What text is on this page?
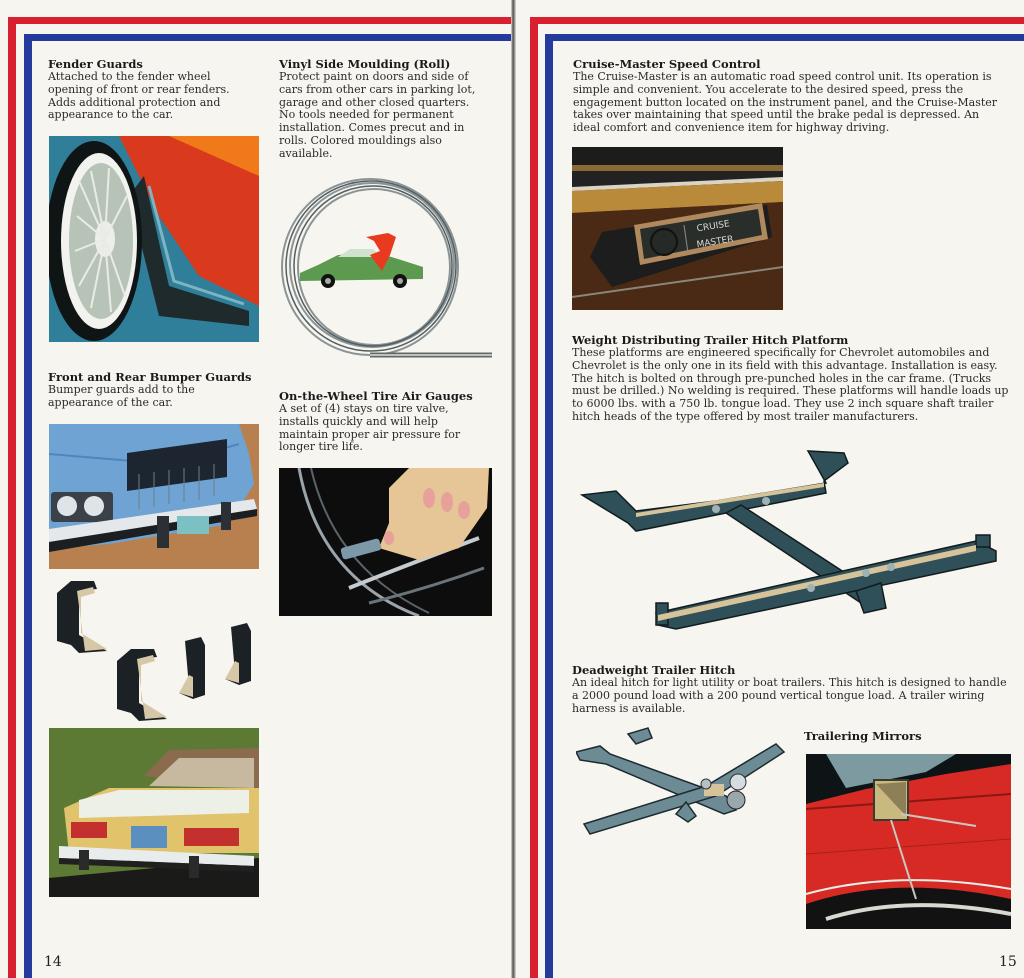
Fender Guards
Attached to the fender wheel opening of front or rear fenders. Adds additional protection and appearance to the car.
Vinyl Side Moulding (Roll)
Protect paint on doors and side of cars from other cars in parking lot, garage and other closed quarters. No tools needed for permanent installation. Comes precut and in rolls. Colored mouldings also available.
Front and Rear Bumper Guards
Bumper guards add to the appearance of the car.	On-the-Wheel Tire Air Gauges
A set of (4) stays on tire valve, installs quickly and will help maintain proper air pressure for longer tire life.
14
Cruise-Master Speed Control
The Cruise-Master is an automatic road speed control unit. Its operation is simple and convenient. You accelerate to the desired speed, press the engagement button located on the instrument panel, and the Cruise-Master takes over maintaining that speed until the brake pedal is depressed. An ideal comfort and convenience item for highway driving.
CRUISE
MASTER
Weight Distributing Trailer Hitch Platform
These platforms are engineered specifically for Chevrolet automobiles and Chevrolet is the only one in its field with this advantage. Installation is easy. The hitch is bolted on through pre-punched holes in the car frame. (Trucks must be drilled.) No welding is required. These platforms will handle loads up to 6000 lbs. with a 750 lb. tongue load. They use 2 inch square shaft trailer hitch heads of the type offered by most trailer manufacturers.
Deadweight Trailer Hitch
An ideal hitch for light utility or boat trailers. This hitch is designed to handle a 2000 pound load with a 200 pound vertical tongue load. A trailer wiring harness is available.
Trailering Mirrors
15
